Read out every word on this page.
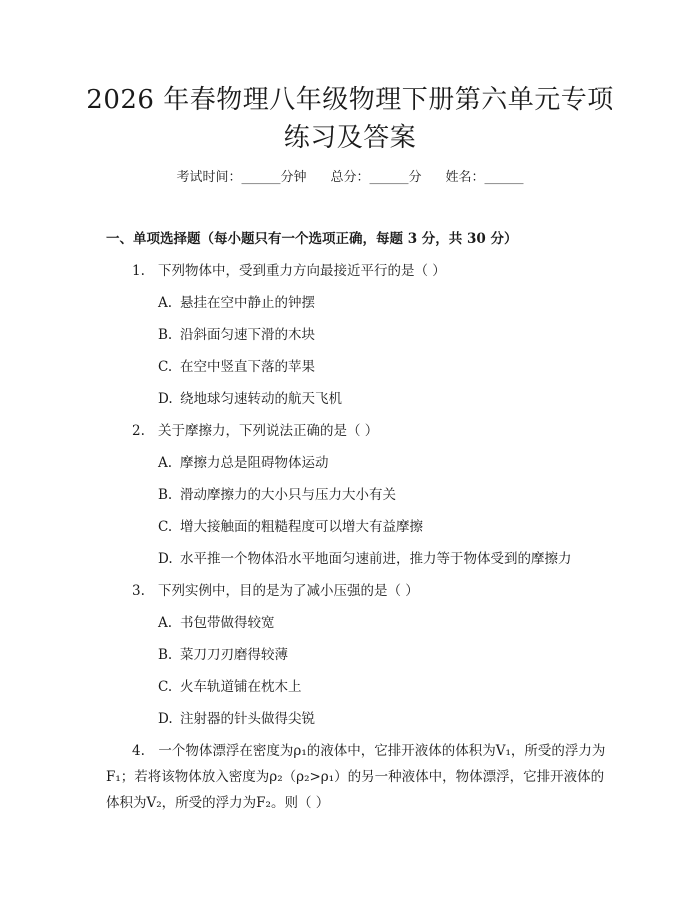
2026 年春物理八年级物理下册第六单元专项
练习及答案
考试时间：______分钟 总分：______分 姓名：______
一、单项选择题（每小题只有一个选项正确，每题 3 分，共 30 分）
1. 下列物体中，受到重力方向最接近平行的是（ ）
A. 悬挂在空中静止的钟摆
B. 沿斜面匀速下滑的木块
C. 在空中竖直下落的苹果
D. 绕地球匀速转动的航天飞机
2. 关于摩擦力，下列说法正确的是（ ）
A. 摩擦力总是阻碍物体运动
B. 滑动摩擦力的大小只与压力大小有关
C. 增大接触面的粗糙程度可以增大有益摩擦
D. 水平推一个物体沿水平地面匀速前进，推力等于物体受到的摩擦力
3. 下列实例中，目的是为了减小压强的是（ ）
A. 书包带做得较宽
B. 菜刀刀刃磨得较薄
C. 火车轨道铺在枕木上
D. 注射器的针头做得尖锐
4.　一个物体漂浮在密度为ρ₁的液体中，它排开液体的体积为V₁，所受的浮力为F₁；若将该物体放入密度为ρ₂（ρ₂>ρ₁）的另一种液体中，物体漂浮，它排开液体的体积为V₂，所受的浮力为F₂。则（ ）
